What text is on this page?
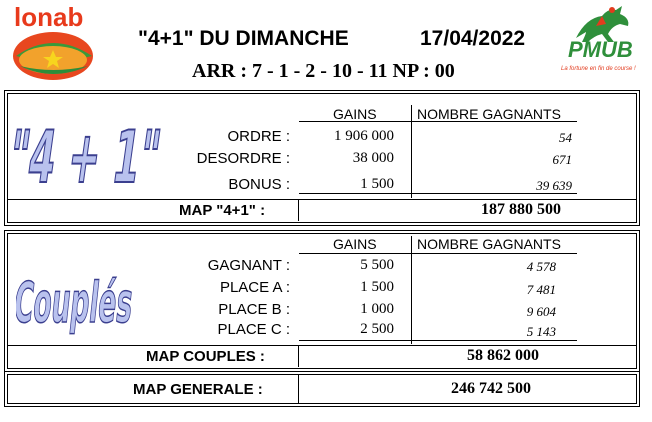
lonab
"4+1" DU DIMANCHE	17/04/2022
ARR : 7 - 1 - 2 - 10 - 11 NP : 00
PMUB
La fortune en fin de course !
"4 +
GAINS	NOMBRE GAGNANTS
ORDRE :	1 906 000	54
DESORDRE :	38 000	671
BONUS :	1 500	39 639
MAP "4+1" :	187 880 500
Couplés
GAINS	NOMBRE GAGNANTS
GAGNANT :	5 500	4 578
PLACE A :	1 500	7 481
PLACE B :	1 000	9 604
PLACE C :	2 500	5 143
MAP COUPLES :	58 862 000
MAP GENERALE :	246 742 500
